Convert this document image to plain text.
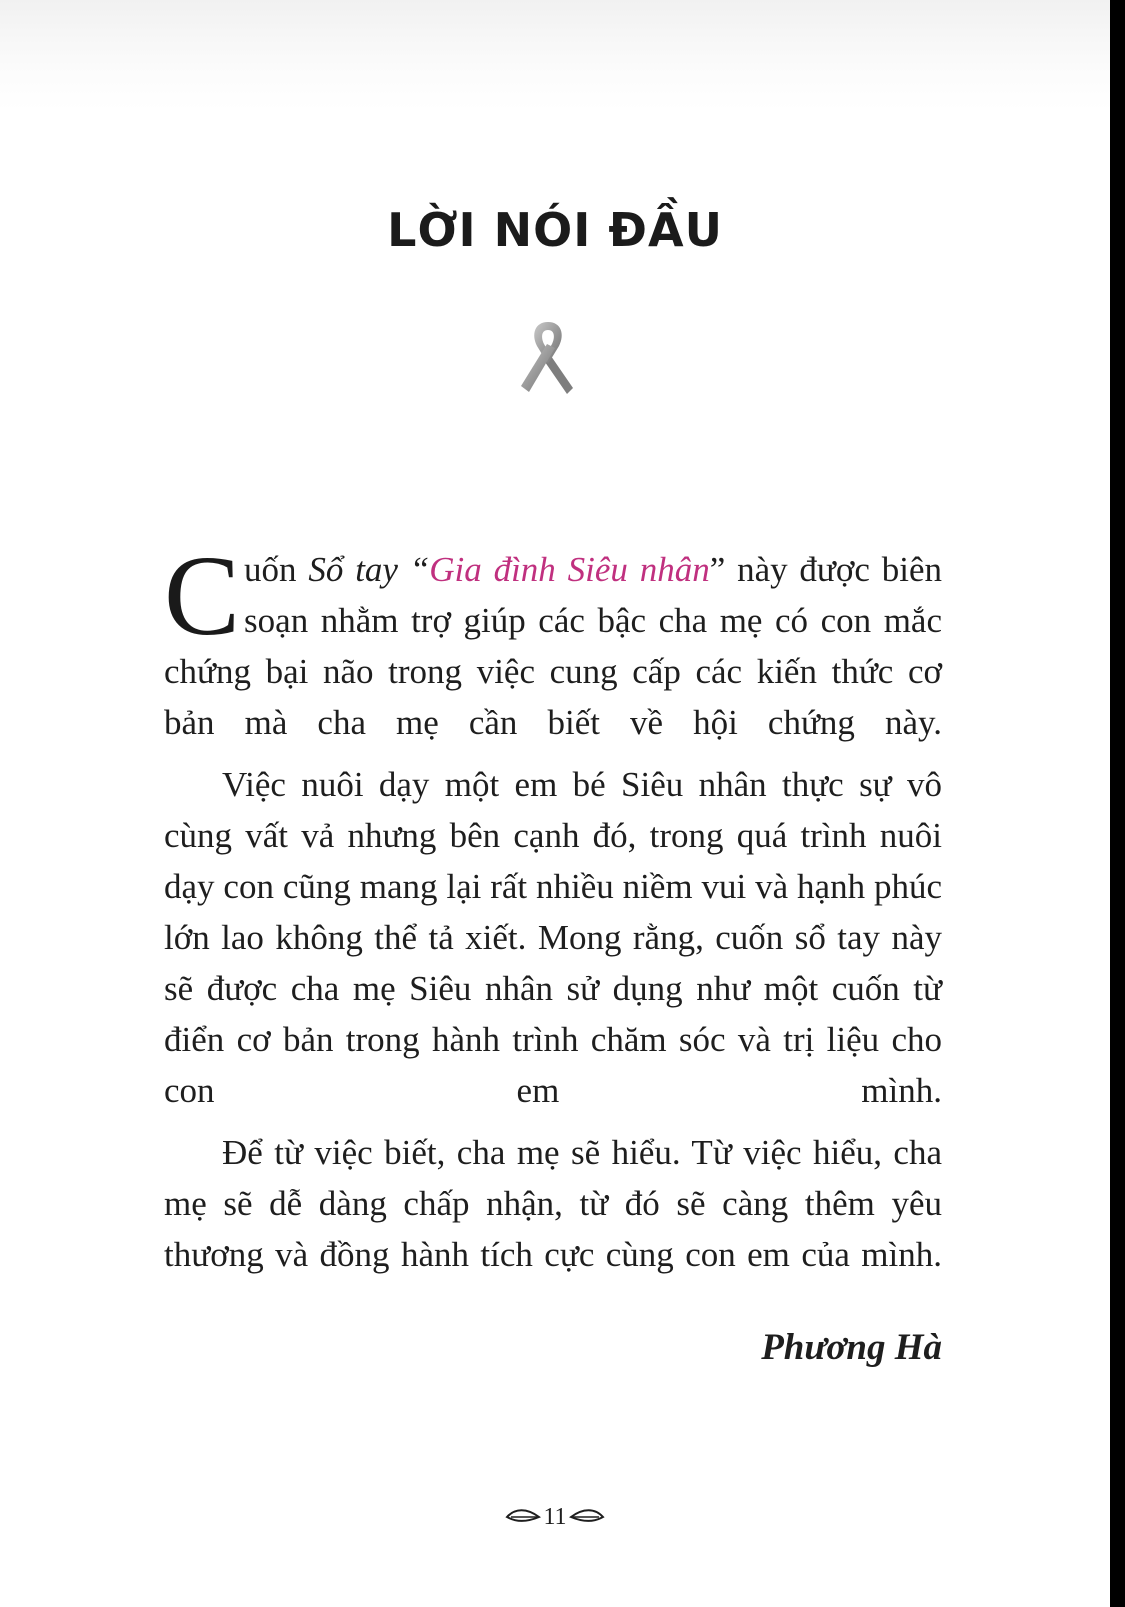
LỜI NÓI ĐẦU

Cuốn Sổ tay “Gia đình Siêu nhân” này được biên soạn nhằm trợ giúp các bậc cha mẹ có con mắc chứng bại não trong việc cung cấp các kiến thức cơ bản mà cha mẹ cần biết về hội chứng này.

Việc nuôi dạy một em bé Siêu nhân thực sự vô cùng vất vả nhưng bên cạnh đó, trong quá trình nuôi dạy con cũng mang lại rất nhiều niềm vui và hạnh phúc lớn lao không thể tả xiết. Mong rằng, cuốn sổ tay này sẽ được cha mẹ Siêu nhân sử dụng như một cuốn từ điển cơ bản trong hành trình chăm sóc và trị liệu cho con em mình.

Để từ việc biết, cha mẹ sẽ hiểu. Từ việc hiểu, cha mẹ sẽ dễ dàng chấp nhận, từ đó sẽ càng thêm yêu thương và đồng hành tích cực cùng con em của mình.

Phương Hà
11
